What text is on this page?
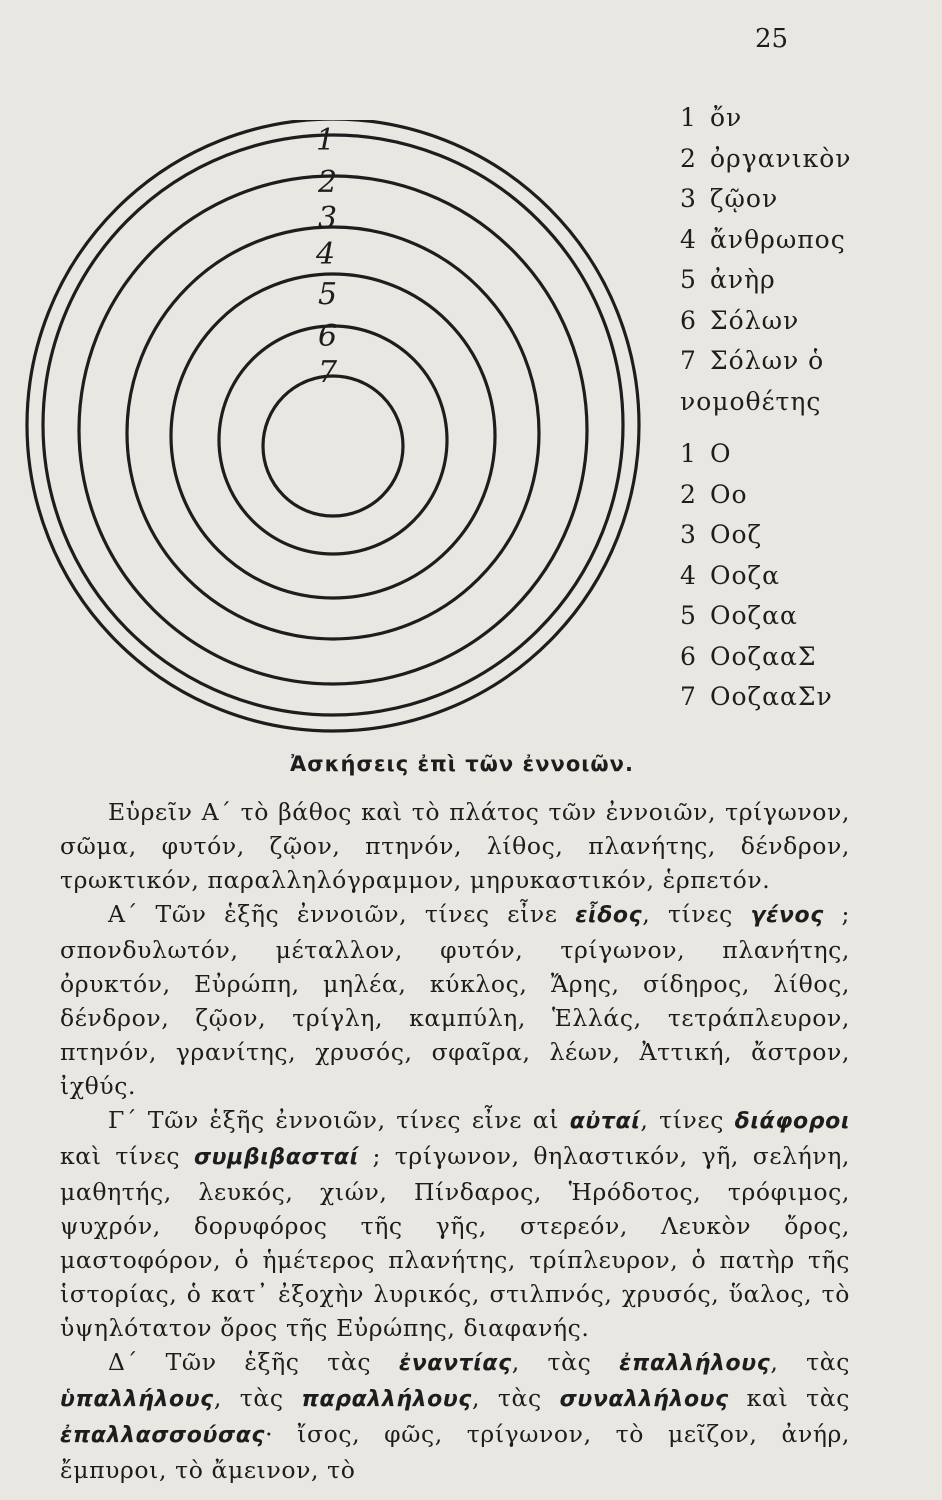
25
1
2
3
4
5
6
7
1 ὄν
2 ὀργανικὸν
3 ζῷον
4 ἄνθρωπος
5 ἀνὴρ
6 Σόλων
7 Σόλων ὁ
νομοθέτης
1 Ο
2 Οο
3 Οοζ
4 Οοζα
5 Οοζαα
6 ΟοζααΣ
7 ΟοζααΣν
Ἀσκήσεις ἐπὶ τῶν ἐννοιῶν.

Εὑρεῖν Α΄ τὸ βάθος καὶ τὸ πλάτος τῶν ἐννοιῶν, τρίγωνον, σῶμα, φυτόν, ζῷον, πτηνόν, λίθος, πλανήτης, δένδρον, τρωκτικόν, παραλληλόγραμμον, μηρυκαστικόν, ἑρπετόν.

Α΄ Τῶν ἑξῆς ἐννοιῶν, τίνες εἶνε εἶδος, τίνες γένος ; σπονδυλωτόν, μέταλλον, φυτόν, τρίγωνον, πλανήτης, ὀρυκτόν, Εὐρώπη, μηλέα, κύκλος, Ἄρης, σίδηρος, λίθος, δένδρον, ζῷον, τρίγλη, καμπύλη, Ἑλλάς, τετράπλευρον, πτηνόν, γρανίτης, χρυσός, σφαῖρα, λέων, Ἀττική, ἄστρον, ἰχθύς.

Γ΄ Τῶν ἑξῆς ἐννοιῶν, τίνες εἶνε αἱ αὐταί, τίνες διάφοροι καὶ τίνες συμβιβασταί ; τρίγωνον, θηλαστικόν, γῆ, σελήνη, μαθητής, λευκός, χιών, Πίνδαρος, Ἡρόδοτος, τρόφιμος, ψυχρόν, δορυφόρος τῆς γῆς, στερεόν, Λευκὸν ὄρος, μαστοφόρον, ὁ ἡμέτερος πλανήτης, τρίπλευρον, ὁ πατὴρ τῆς ἱστορίας, ὁ κατ᾿ ἐξοχὴν λυρικός, στιλπνός, χρυσός, ὕαλος, τὸ ὑψηλότατον ὄρος τῆς Εὐρώπης, διαφανής.

Δ΄ Τῶν ἑξῆς τὰς ἐναντίας, τὰς ἐπαλλήλους, τὰς ὑπαλλήλους, τὰς παραλλήλους, τὰς συναλλήλους καὶ τὰς ἐπαλλασσούσας· ἴσος, φῶς, τρίγωνον, τὸ μεῖζον, ἀνήρ, ἔμπυροι, τὸ ἄμεινον, τὸ
